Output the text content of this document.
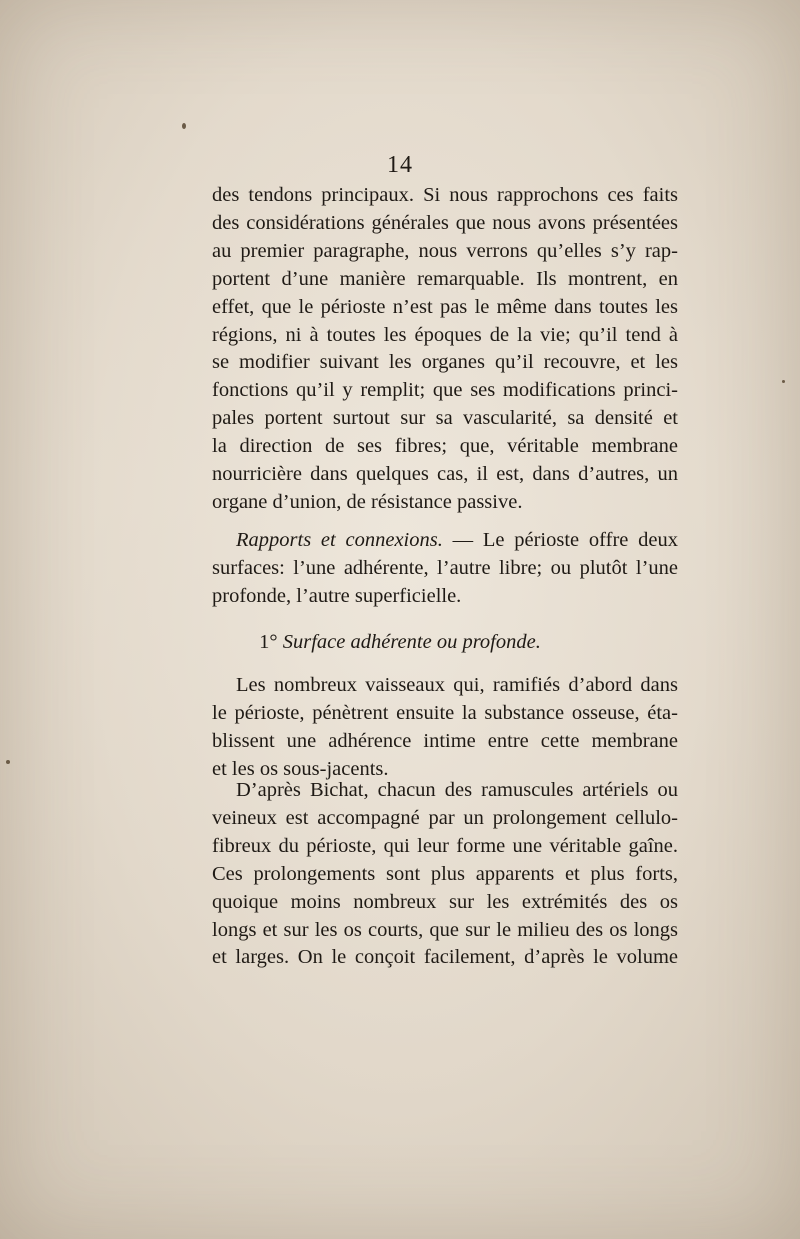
14
des tendons principaux. Si nous rapprochons ces faits
des considérations générales que nous avons présentées
au premier paragraphe, nous verrons qu’elles s’y rap-
portent d’une manière remarquable. Ils montrent, en
effet, que le périoste n’est pas le même dans toutes les
régions, ni à toutes les époques de la vie; qu’il tend à
se modifier suivant les organes qu’il recouvre, et les
fonctions qu’il y remplit; que ses modifications princi-
pales portent surtout sur sa vascularité, sa densité et
la direction de ses fibres; que, véritable membrane
nourricière dans quelques cas, il est, dans d’autres, un
organe d’union, de résistance passive.
Rapports et connexions. — Le périoste offre deux
surfaces: l’une adhérente, l’autre libre; ou plutôt l’une
profonde, l’autre superficielle.
1° Surface adhérente ou profonde.
Les nombreux vaisseaux qui, ramifiés d’abord dans
le périoste, pénètrent ensuite la substance osseuse, éta-
blissent une adhérence intime entre cette membrane
et les os sous-jacents.
D’après Bichat, chacun des ramuscules artériels ou
veineux est accompagné par un prolongement cellulo-
fibreux du périoste, qui leur forme une véritable gaîne.
Ces prolongements sont plus apparents et plus forts,
quoique moins nombreux sur les extrémités des os
longs et sur les os courts, que sur le milieu des os longs
et larges. On le conçoit facilement, d’après le volume
